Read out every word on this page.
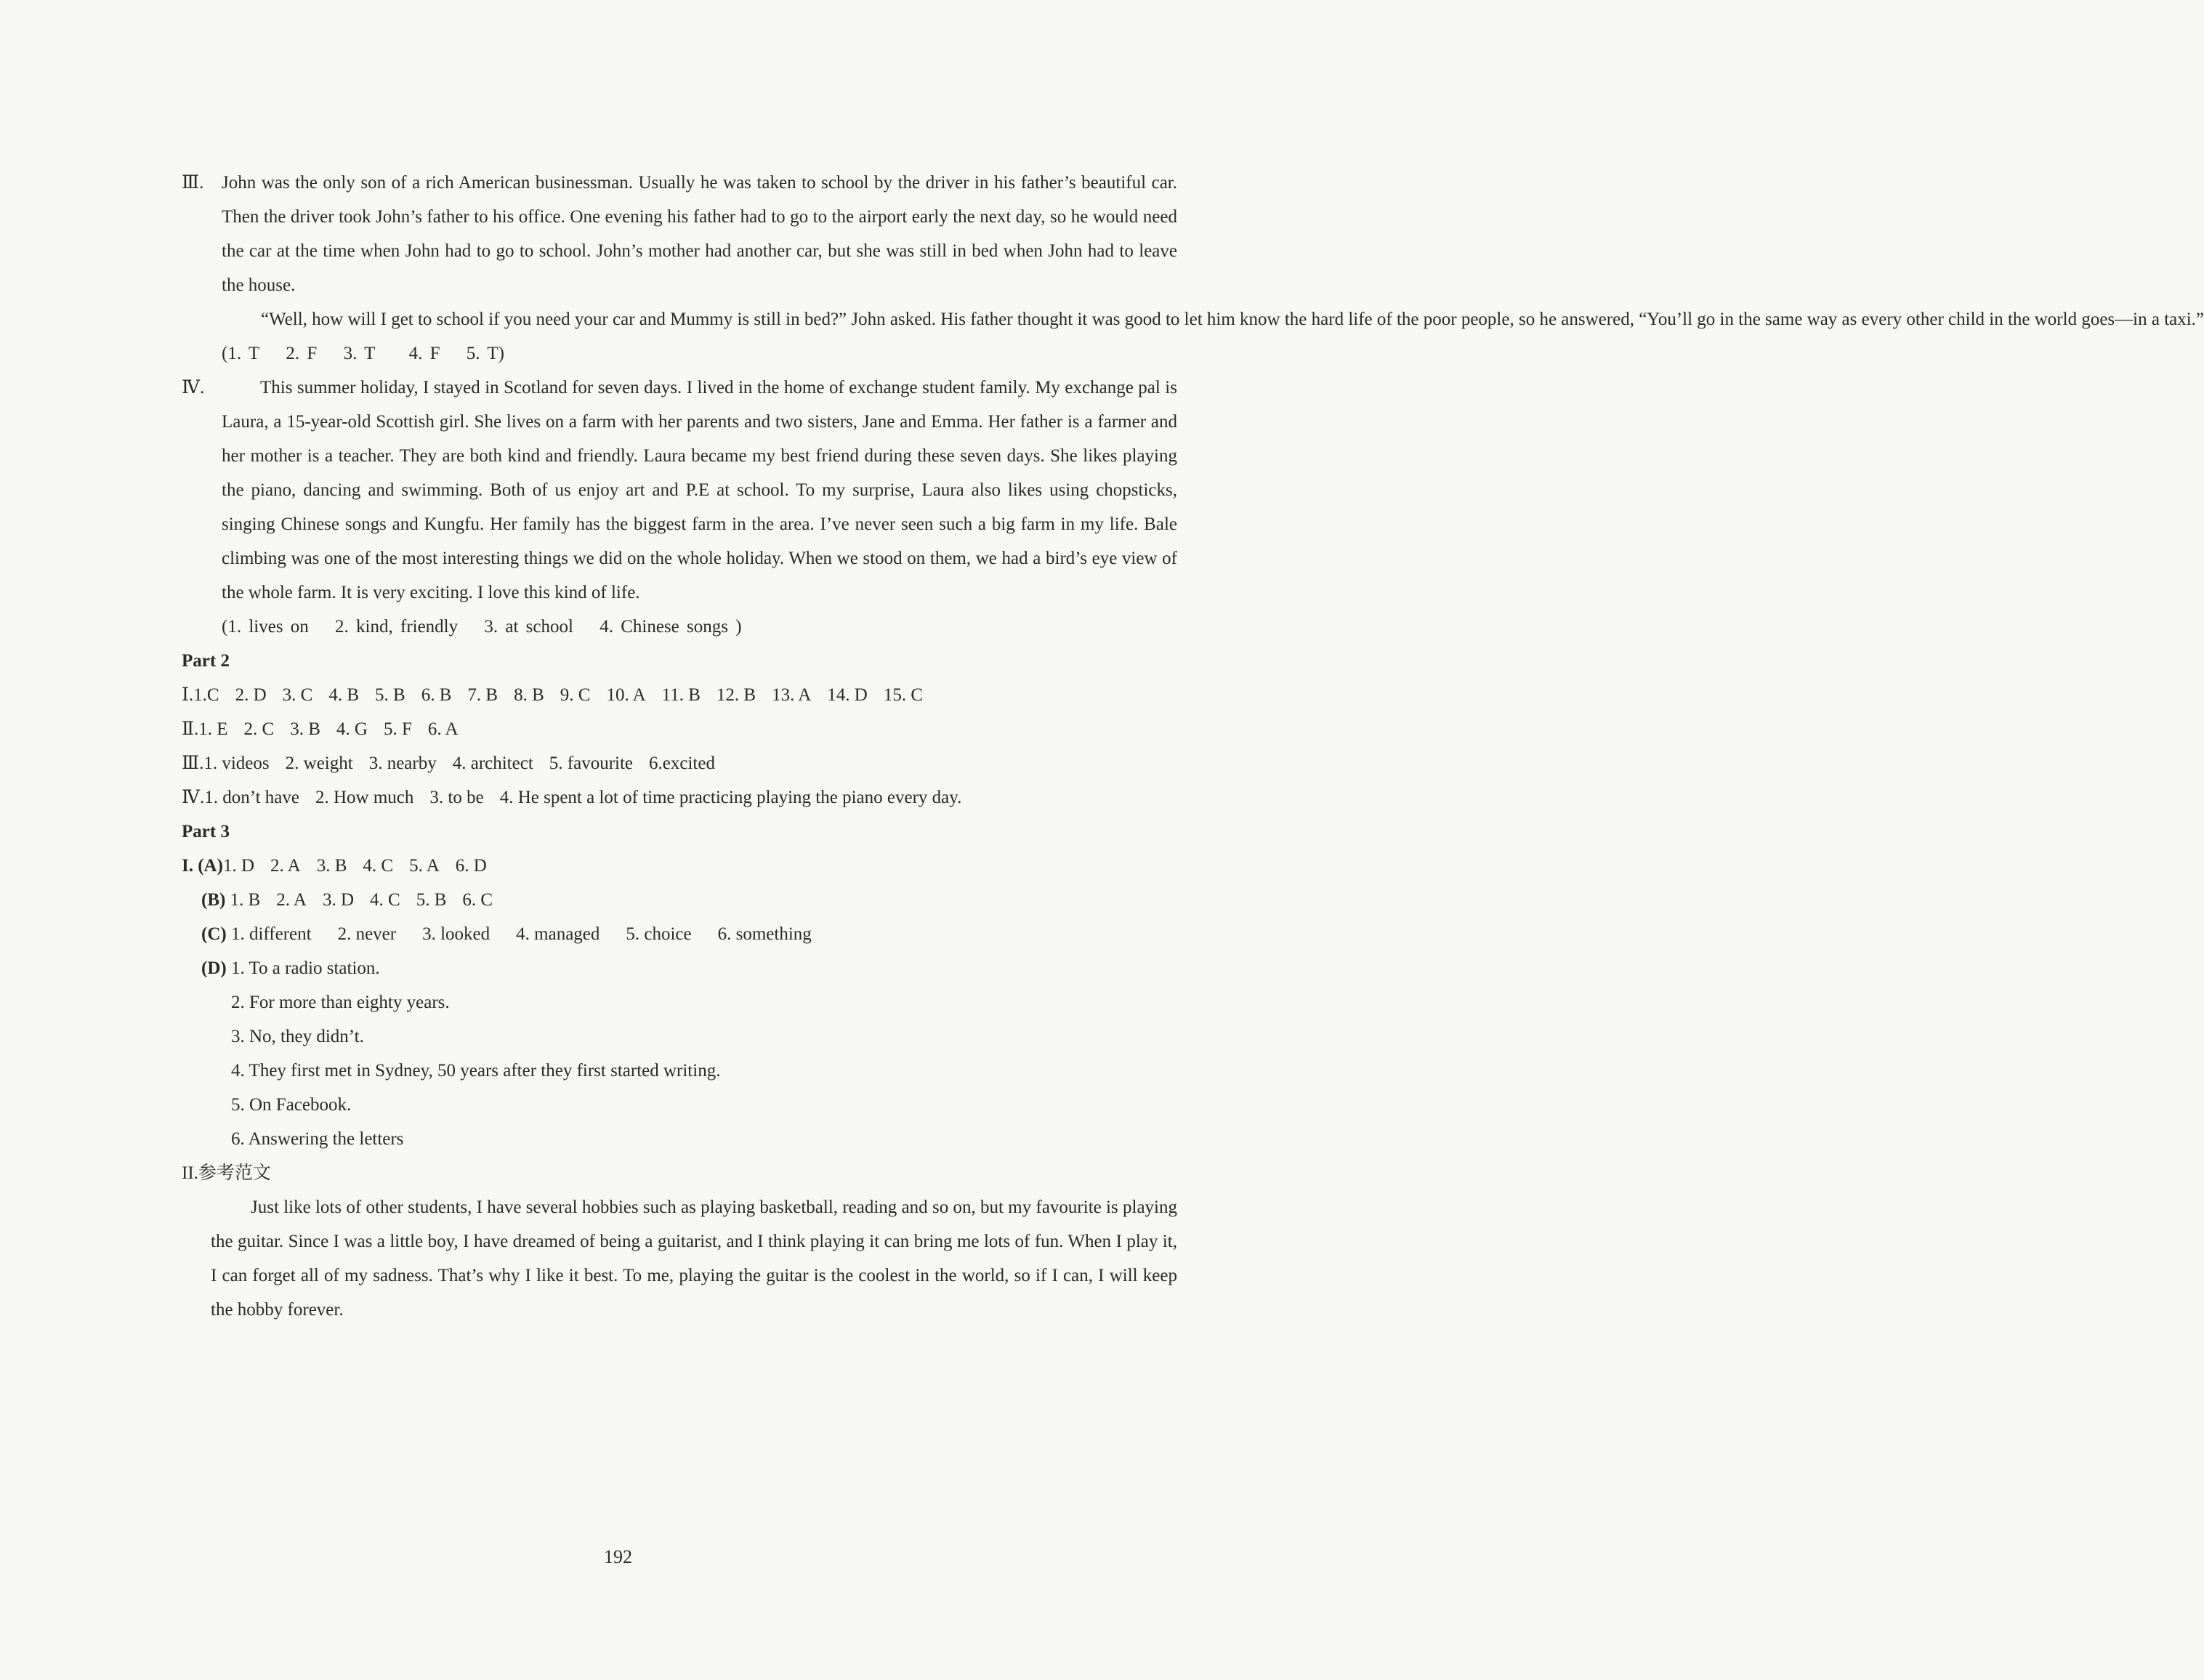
Ⅲ. John was the only son of a rich American businessman. Usually he was taken to school by the driver in his father’s beautiful car. Then the driver took John’s father to his office. One evening his father had to go to the airport early the next day, so he would need the car at the time when John had to go to school. John’s mother had another car, but she was still in bed when John had to leave the house.
“Well, how will I get to school if you need your car and Mummy is still in bed?” John asked. His father thought it was good to let him know the hard life of the poor people, so he answered, “You’ll go in the same way as every other child in the world goes—in a taxi.”
(1. T 2. F 3. T 4. F 5. T)
Ⅳ.	This summer holiday, I stayed in Scotland for seven days. I lived in the home of exchange student family. My exchange pal is Laura, a 15-year-old Scottish girl. She lives on a farm with her parents and two sisters, Jane and Emma. Her father is a farmer and her mother is a teacher. They are both kind and friendly. Laura became my best friend during these seven days. She likes playing the piano, dancing and swimming. Both of us enjoy art and P.E at school. To my surprise, Laura also likes using chopsticks, singing Chinese songs and Kungfu. Her family has the biggest farm in the area. I’ve never seen such a big farm in my life. Bale climbing was one of the most interesting things we did on the whole holiday. When we stood on them, we had a bird’s eye view of the whole farm. It is very exciting. I love this kind of life.
(1. lives on 2. kind, friendly 3. at school 4. Chinese songs )
Part 2
Ⅰ.1.C 2. D 3. C 4. B 5. B 6. B 7. B 8. B 9. C 10. A 11. B 12. B 13. A 14. D 15. C
Ⅱ.1. E 2. C 3. B 4. G 5. F 6. A
Ⅲ.1. videos 2. weight 3. nearby 4. architect 5. favourite 6.excited
Ⅳ.1. don’t have 2. How much 3. to be 4. He spent a lot of time practicing playing the piano every day.
Part 3
I. (A)1. D 2. A 3. B 4. C 5. A 6. D
(B) 1. B 2. A 3. D 4. C 5. B 6. C
(C) 1. different 2. never 3. looked 4. managed 5. choice 6. something
(D) 1. To a radio station.
2. For more than eighty years.
3. No, they didn’t.
4. They first met in Sydney, 50 years after they first started writing.
5. On Facebook.
6. Answering the letters
II.参考范文
Just like lots of other students, I have several hobbies such as playing basketball, reading and so on, but my favourite is playing the guitar. Since I was a little boy, I have dreamed of being a guitarist, and I think playing it can bring me lots of fun. When I play it, I can forget all of my sadness. That’s why I like it best. To me, playing the guitar is the coolest in the world, so if I can, I will keep the hobby forever.
192
